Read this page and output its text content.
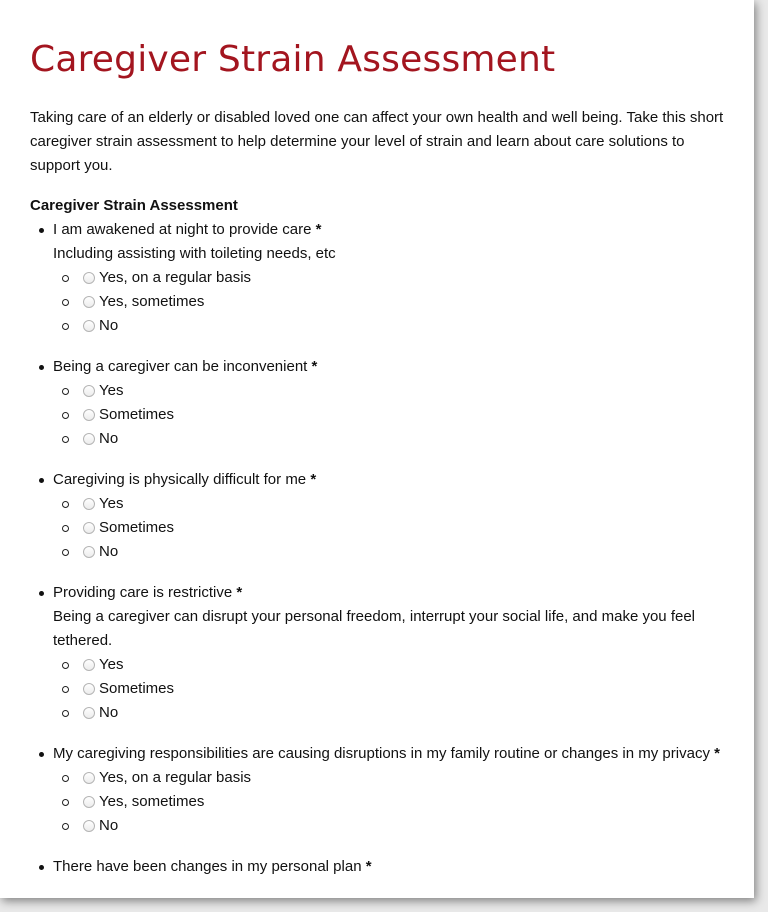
Caregiver Strain Assessment

Taking care of an elderly or disabled loved one can affect your own health and well being. Take this short caregiver strain assessment to help determine your level of strain and learn about care solutions to support you.

Caregiver Strain Assessment

I am awakened at night to provide care *
Including assisting with toileting needs, etc
Yes, on a regular basis
Yes, sometimes
No
Being a caregiver can be inconvenient *
Yes
Sometimes
No
Caregiving is physically difficult for me *
Yes
Sometimes
No
Providing care is restrictive *
Being a caregiver can disrupt your personal freedom, interrupt your social life, and make you feel tethered.
Yes
Sometimes
No
My caregiving responsibilities are causing disruptions in my family routine or changes in my privacy *
Yes, on a regular basis
Yes, sometimes
No
There have been changes in my personal plan *
